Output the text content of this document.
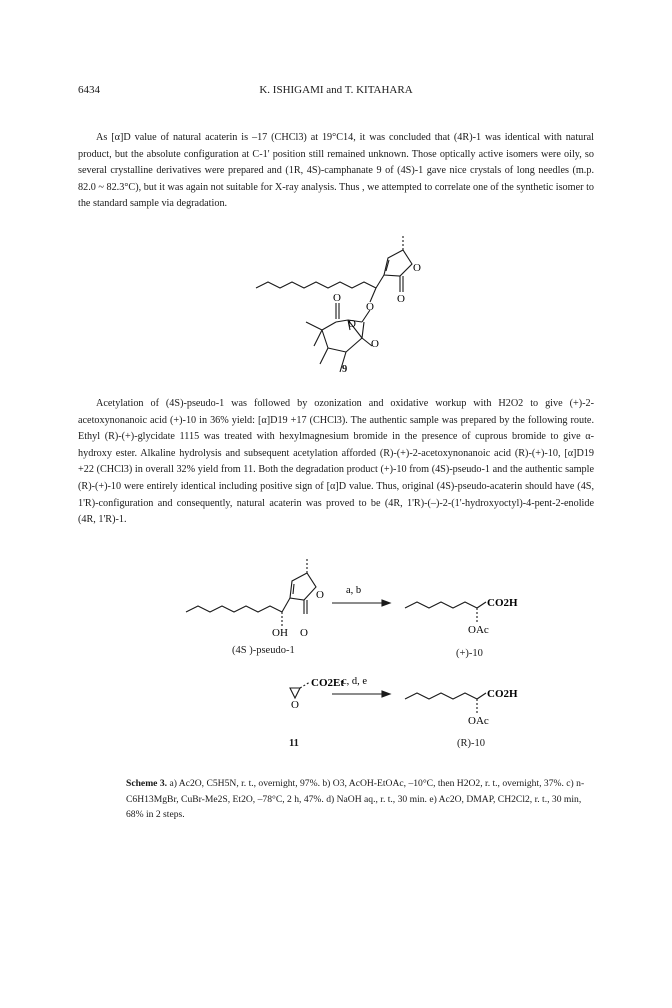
6434	K. ISHIGAMI and T. KITAHARA

As [α]D value of natural acaterin is –17 (CHCl3) at 19°C14, it was concluded that (4R)-1 was identical with natural product, but the absolute configuration at C-1' position still remained unknown. Those optically active isomers were oily, so several crystalline derivatives were prepared and (1R, 4S)-camphanate 9 of (4S)-1 gave nice crystals of long needles (m.p. 82.0 ~ 82.3°C), but it was again not suitable for X-ray analysis. Thus , we attempted to correlate one of the synthetic isomer to the standard sample via degradation.

O
O
O
O
O
O
9

Acetylation of (4S)-pseudo-1 was followed by ozonization and oxidative workup with H2O2 to give (+)-2-acetoxynonanoic acid (+)-10 in 36% yield: [α]D19 +17 (CHCl3). The authentic sample was prepared by the following route. Ethyl (R)-(+)-glycidate 1115 was treated with hexylmagnesium bromide in the presence of cuprous bromide to give α-hydroxy ester. Alkaline hydrolysis and subsequent acetylation afforded (R)-(+)-2-acetoxynonanoic acid (R)-(+)-10, [α]D19 +22 (CHCl3) in overall 32% yield from 11. Both the degradation product (+)-10 from (4S)-pseudo-1 and the authentic sample (R)-(+)-10 were entirely identical including positive sign of [α]D value. Thus, original (4S)-pseudo-acaterin should have (4S, 1'R)-configuration and consequently, natural acaterin was proved to be (4R, 1'R)-(–)-2-(1'-hydroxyoctyl)-4-pent-2-enolide (4R, 1'R)-1.

O
O
OH
a, b
CO2H
OAc
O
CO2Et
c, d, e
CO2H
OAc
(4S )-pseudo-1	(+)-10
11	(R)-10
Scheme 3. a) Ac2O, C5H5N, r. t., overnight, 97%. b) O3, AcOH-EtOAc, –10°C, then H2O2, r. t., overnight, 37%. c) n-C6H13MgBr, CuBr-Me2S, Et2O, –78°C, 2 h, 47%. d) NaOH aq., r. t., 30 min. e) Ac2O, DMAP, CH2Cl2, r. t., 30 min, 68% in 2 steps.
